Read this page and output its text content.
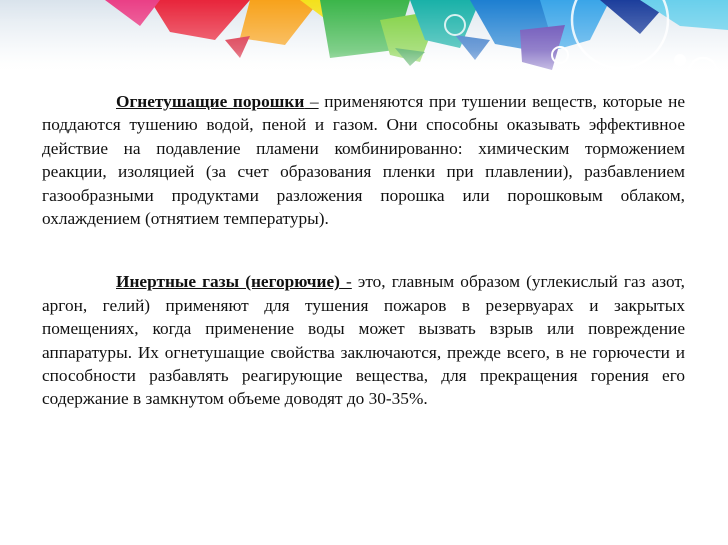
Огнетушащие порошки – применяются при тушении веществ, которые не поддаются тушению водой, пеной и газом. Они способны оказывать эффективное действие на подавление пламени комбинированно: химическим торможением реакции, изоляцией (за счет образования пленки при плавлении), разбавлением газообразными продуктами разложения порошка или порошковым облаком, охлаждением (отнятием температуры).

Инертные газы (негорючие) - это, главным образом (углекислый газ азот, аргон, гелий) применяют для тушения пожаров в резервуарах и закрытых помещениях, когда применение воды может вызвать взрыв или повреждение аппаратуры. Их огнетушащие свойства заключаются, прежде всего, в не горючести и способности разбавлять реагирующие вещества, для прекращения горения его содержание в замкнутом объеме доводят до 30-35%.
